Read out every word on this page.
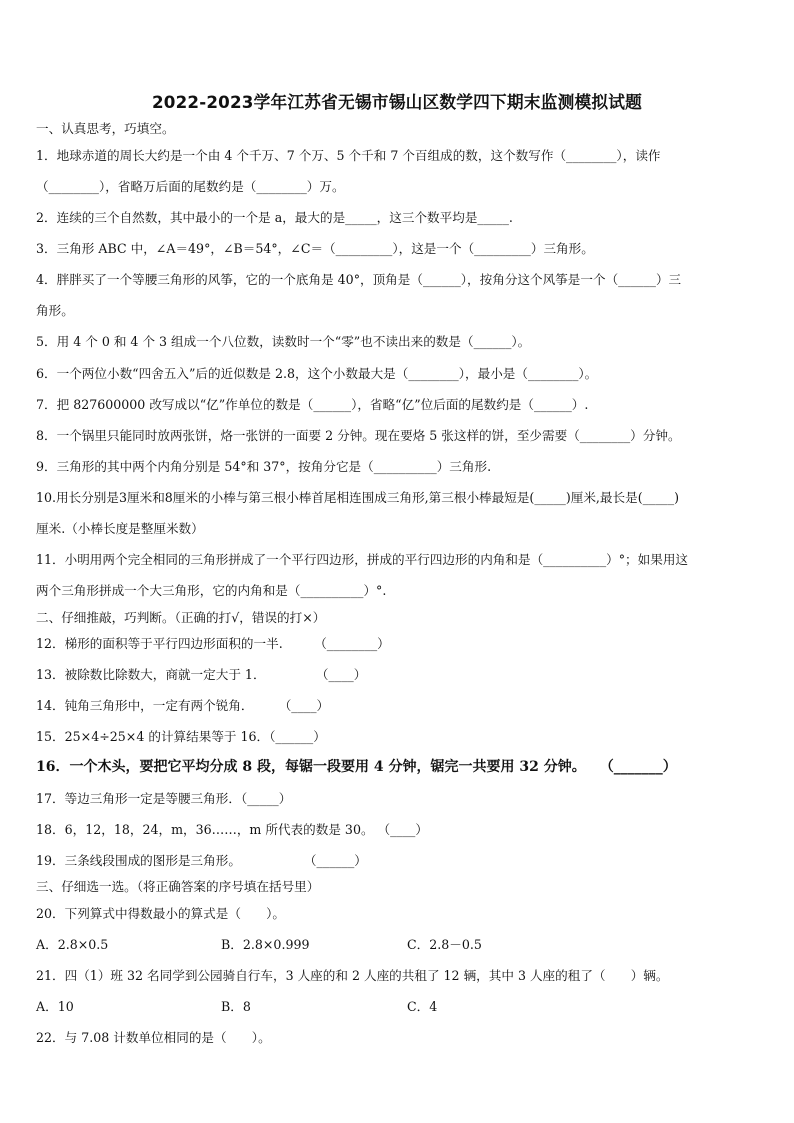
2022-2023学年江苏省无锡市锡山区数学四下期末监测模拟试题
一、认真思考，巧填空。
1．地球赤道的周长大约是一个由 4 个千万、7 个万、5 个千和 7 个百组成的数，这个数写作（________），读作
（________），省略万后面的尾数约是（________）万。
2．连续的三个自然数，其中最小的一个是 a，最大的是_____，这三个数平均是_____.
3．三角形 ABC 中，∠A＝49°，∠B＝54°，∠C＝（_________），这是一个（_________）三角形。
4．胖胖买了一个等腰三角形的风筝，它的一个底角是 40°，顶角是（______），按角分这个风筝是一个（______）三
角形。
5．用 4 个 0 和 4 个 3 组成一个八位数，读数时一个“零”也不读出来的数是（______）。
6．一个两位小数“四舍五入”后的近似数是 2.8，这个小数最大是（________），最小是（________）。
7．把 827600000 改写成以“亿”作单位的数是（______），省略“亿”位后面的尾数约是（______）.
8．一个锅里只能同时放两张饼，烙一张饼的一面要 2 分钟。现在要烙 5 张这样的饼，至少需要（________）分钟。
9．三角形的其中两个内角分别是 54°和 37°，按角分它是（__________）三角形.
10.用长分别是3厘米和8厘米的小棒与第三根小棒首尾相连围成三角形,第三根小棒最短是(_____)厘米,最长是(_____)
厘米.（小棒长度是整厘米数）
11．小明用两个完全相同的三角形拼成了一个平行四边形，拼成的平行四边形的内角和是（__________）°；如果用这
两个三角形拼成一个大三角形，它的内角和是（__________）°.
二、仔细推敲，巧判断。（正确的打√，错误的打×）
12．梯形的面积等于平行四边形面积的一半.　　　（________）
13．被除数比除数大，商就一定大于 1．　　　　　（____）
14．钝角三角形中，一定有两个锐角．　　　（____）
15．25×4÷25×4 的计算结果等于 16．（______）
16．一个木头，要把它平均分成 8 段，每锯一段要用 4 分钟，锯完一共要用 32 分钟。　　（_______）
17．等边三角形一定是等腰三角形．（_____）
18．6，12，18，24，m，36……，m 所代表的数是 30。 （____）
19．三条线段围成的图形是三角形。　　　　　　（______）
三、仔细选一选。（将正确答案的序号填在括号里）
20．下列算式中得数最小的算式是（　　）。
A．2.8×0.5	B．2.8×0.999	C．2.8－0.5
21．四（1）班 32 名同学到公园骑自行车，3 人座的和 2 人座的共租了 12 辆，其中 3 人座的租了（　　）辆。
A．10	B．8	C．4
22．与 7.08 计数单位相同的是（　　）。
